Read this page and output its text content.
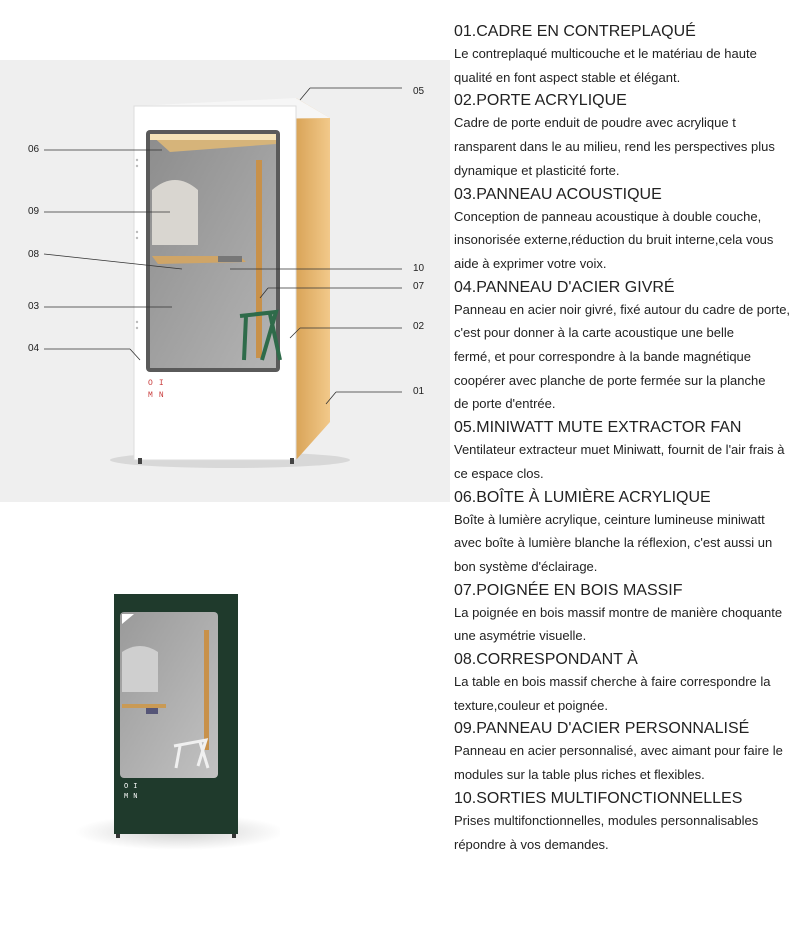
OI
MN
06
09
08
03
04
05
10
07
02
01
OI
MN
01.CADRE EN CONTREPLAQUÉ

Le contreplaqué multicouche et le matériau de haute
qualité en font aspect stable et élégant.

02.PORTE ACRYLIQUE

Cadre de porte enduit de poudre avec acrylique t
ransparent dans le au milieu, rend les perspectives plus
dynamique et plasticité forte.

03.PANNEAU ACOUSTIQUE

Conception de panneau acoustique à double couche,
insonorisée externe,réduction du bruit interne,cela vous
aide à exprimer votre voix.

04.PANNEAU D'ACIER GIVRÉ

Panneau en acier noir givré, fixé autour du cadre de porte,
c'est pour donner à la carte acoustique une belle
fermé, et pour correspondre à la bande magnétique
coopérer avec planche de porte fermée sur la planche
de porte d'entrée.

05.MINIWATT MUTE EXTRACTOR FAN

Ventilateur extracteur muet Miniwatt, fournit de l'air frais à
ce espace clos.

06.BOÎTE À LUMIÈRE ACRYLIQUE

Boîte à lumière acrylique, ceinture lumineuse miniwatt
avec boîte à lumière blanche la réflexion, c'est aussi un
bon système d'éclairage.

07.POIGNÉE EN BOIS MASSIF

La poignée en bois massif montre de manière choquante
une asymétrie visuelle.

08.CORRESPONDANT À

La table en bois massif cherche à faire correspondre la
texture,couleur et poignée.

09.PANNEAU D'ACIER PERSONNALISÉ

Panneau en acier personnalisé, avec aimant pour faire le
modules sur la table plus riches et flexibles.

10.SORTIES MULTIFONCTIONNELLES

Prises multifonctionnelles, modules personnalisables
répondre à vos demandes.
